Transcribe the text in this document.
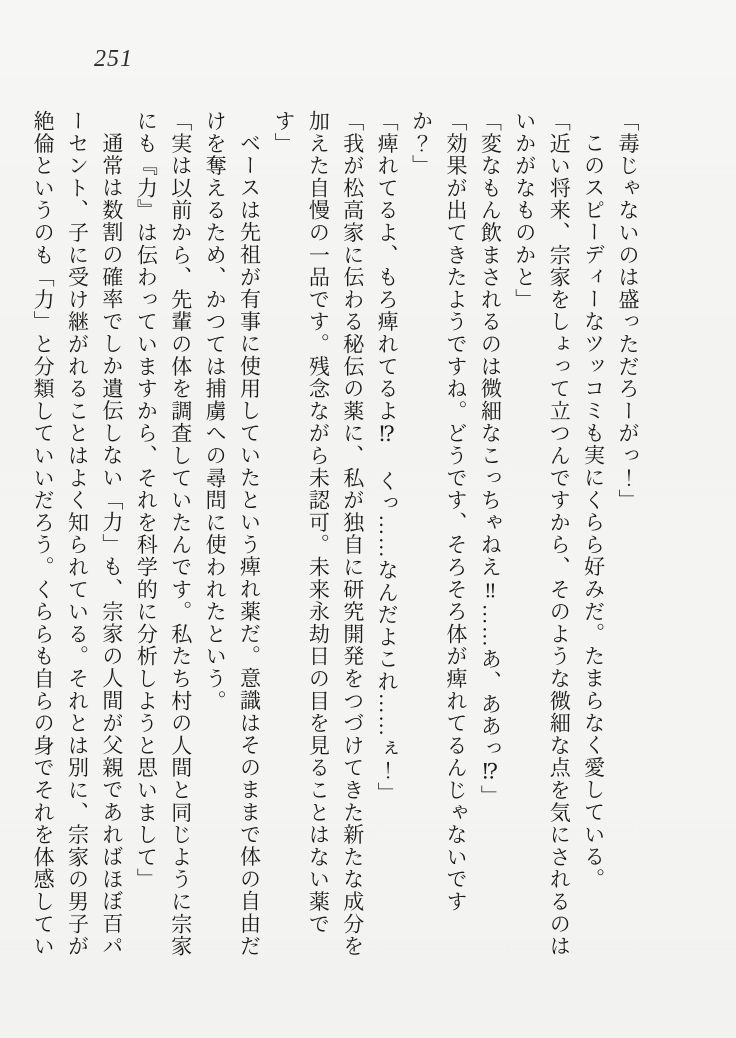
251
「毒じゃないのは盛っただろーがっ！」
このスピーディーなツッコミも実にくらら好みだ。たまらなく愛している。
「近い将来、宗家をしょって立つんですから、そのような微細な点を気にされるのは
いかがなものかと」
「変なもん飲まされるのは微細なこっちゃねえ‼……あ、ああっ⁉」
「効果が出てきたようですね。どうです、そろそろ体が痺れてるんじゃないですか？」
「痺れてるよ、もろ痺れてるよ⁉　くっ……なんだよこれ……ぇ！」
「我が松高家に伝わる秘伝の薬に、私が独自に研究開発をつづけてきた新たな成分を
加えた自慢の一品です。残念ながら未認可。未来永劫日の目を見ることはない薬で
す」
ベースは先祖が有事に使用していたという痺れ薬だ。意識はそのままで体の自由だ
けを奪えるため、かつては捕虜への尋問に使われたという。
「実は以前から、先輩の体を調査していたんです。私たち村の人間と同じように宗家
にも『力』は伝わっていますから、それを科学的に分析しようと思いまして」
通常は数割の確率でしか遺伝しない「力」も、宗家の人間が父親であればほぼ百パ
ーセント、子に受け継がれることはよく知られている。それとは別に、宗家の男子が
絶倫というのも「力」と分類していいだろう。くららも自らの身でそれを体感してい
